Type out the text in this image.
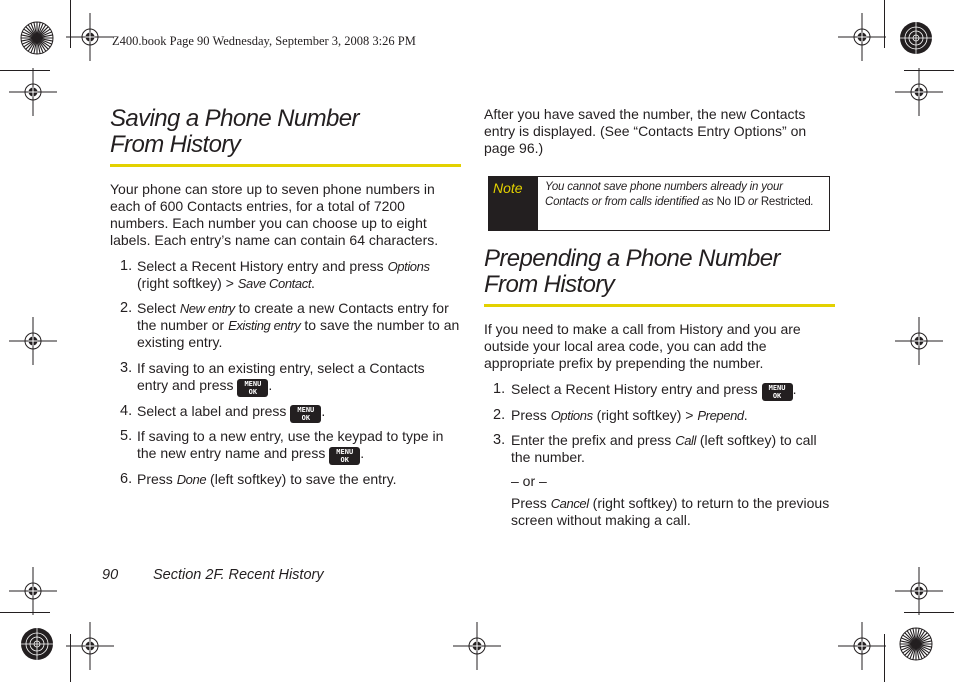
Z400.book Page 90 Wednesday, September 3, 2008 3:26 PM
Saving a Phone Number
From History

Your phone can store up to seven phone numbers in each of 600 Contacts entries, for a total of 7200 numbers. Each number you can choose up to eight labels. Each entry’s name can contain 64 characters.

1. Select a Recent History entry and press Options (right softkey) > Save Contact.
2. Select New entry to create a new Contacts entry for the number or Existing entry to save the number to an existing entry.
3. If saving to an existing entry, select a Contacts entry and press MENU
OK .
4. Select a label and press MENU
OK .
5. If saving to a new entry, use the keypad to type in the new entry name and press MENU
OK .
6. Press Done (left softkey) to save the entry.

After you have saved the number, the new Contacts entry is displayed. (See “Contacts Entry Options” on page 96.)

Note	You cannot save phone numbers already in your Contacts or from calls identified as No ID or Restricted.
Prepending a Phone Number
From History

If you need to make a call from History and you are outside your local area code, you can add the appropriate prefix by prepending the number.

1. Select a Recent History entry and press MENU
OK .
2. Press Options (right softkey) > Prepend.
3. Enter the prefix and press Call (left softkey) to call the number.

– or –

Press Cancel (right softkey) to return to the previous screen without making a call.

90 Section 2F. Recent History
